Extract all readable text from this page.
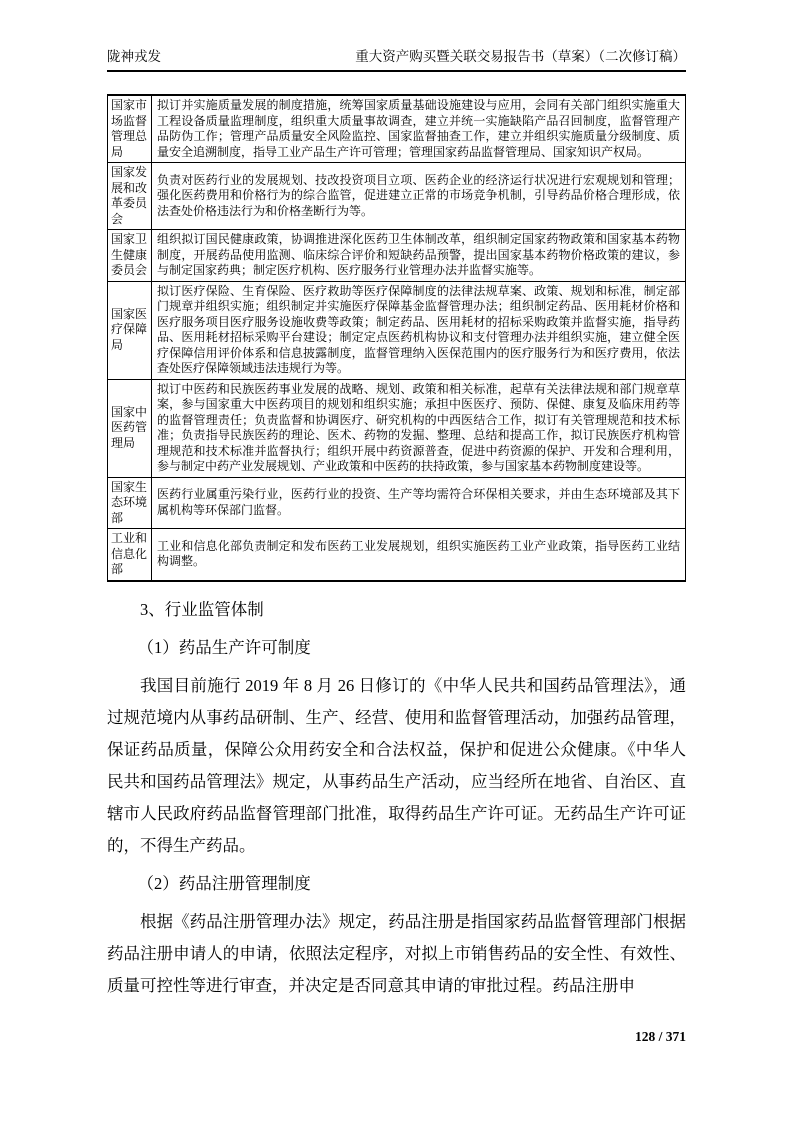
陇神戎发	重大资产购买暨关联交易报告书（草案）（二次修订稿）
国家市场监督管理总局	拟订并实施质量发展的制度措施，统筹国家质量基础设施建设与应用，会同有关部门组织实施重大工程设备质量监理制度，组织重大质量事故调查，建立并统一实施缺陷产品召回制度，监督管理产品防伪工作；管理产品质量安全风险监控、国家监督抽查工作，建立并组织实施质量分级制度、质量安全追溯制度，指导工业产品生产许可管理；管理国家药品监督管理局、国家知识产权局。
国家发展和改革委员会	负责对医药行业的发展规划、技改投资项目立项、医药企业的经济运行状况进行宏观规划和管理；强化医药费用和价格行为的综合监管，促进建立正常的市场竞争机制，引导药品价格合理形成，依法查处价格违法行为和价格垄断行为等。
国家卫生健康委员会	组织拟订国民健康政策，协调推进深化医药卫生体制改革，组织制定国家药物政策和国家基本药物制度，开展药品使用监测、临床综合评价和短缺药品预警，提出国家基本药物价格政策的建议，参与制定国家药典；制定医疗机构、医疗服务行业管理办法并监督实施等。
国家医疗保障局	拟订医疗保险、生育保险、医疗救助等医疗保障制度的法律法规草案、政策、规划和标准，制定部门规章并组织实施；组织制定并实施医疗保障基金监督管理办法；组织制定药品、医用耗材价格和医疗服务项目医疗服务设施收费等政策；制定药品、医用耗材的招标采购政策并监督实施，指导药品、医用耗材招标采购平台建设；制定定点医药机构协议和支付管理办法并组织实施，建立健全医疗保障信用评价体系和信息披露制度，监督管理纳入医保范围内的医疗服务行为和医疗费用，依法查处医疗保障领域违法违规行为等。
国家中医药管理局	拟订中医药和民族医药事业发展的战略、规划、政策和相关标准，起草有关法律法规和部门规章草案，参与国家重大中医药项目的规划和组织实施；承担中医医疗、预防、保健、康复及临床用药等的监督管理责任；负责监督和协调医疗、研究机构的中西医结合工作，拟订有关管理规范和技术标准；负责指导民族医药的理论、医术、药物的发掘、整理、总结和提高工作，拟订民族医疗机构管理规范和技术标准并监督执行；组织开展中药资源普查，促进中药资源的保护、开发和合理利用，参与制定中药产业发展规划、产业政策和中医药的扶持政策，参与国家基本药物制度建设等。
国家生态环境部	医药行业属重污染行业，医药行业的投资、生产等均需符合环保相关要求，并由生态环境部及其下属机构等环保部门监督。
工业和信息化部	工业和信息化部负责制定和发布医药工业发展规划，组织实施医药工业产业政策，指导医药工业结构调整。
3、行业监管体制
（1）药品生产许可制度

我国目前施行 2019 年 8 月 26 日修订的《中华人民共和国药品管理法》，通过规范境内从事药品研制、生产、经营、使用和监督管理活动，加强药品管理，保证药品质量，保障公众用药安全和合法权益，保护和促进公众健康。《中华人民共和国药品管理法》规定，从事药品生产活动，应当经所在地省、自治区、直辖市人民政府药品监督管理部门批准，取得药品生产许可证。无药品生产许可证的，不得生产药品。

（2）药品注册管理制度

根据《药品注册管理办法》规定，药品注册是指国家药品监督管理部门根据药品注册申请人的申请，依照法定程序，对拟上市销售药品的安全性、有效性、质量可控性等进行审查，并决定是否同意其申请的审批过程。药品注册申

128 / 371
